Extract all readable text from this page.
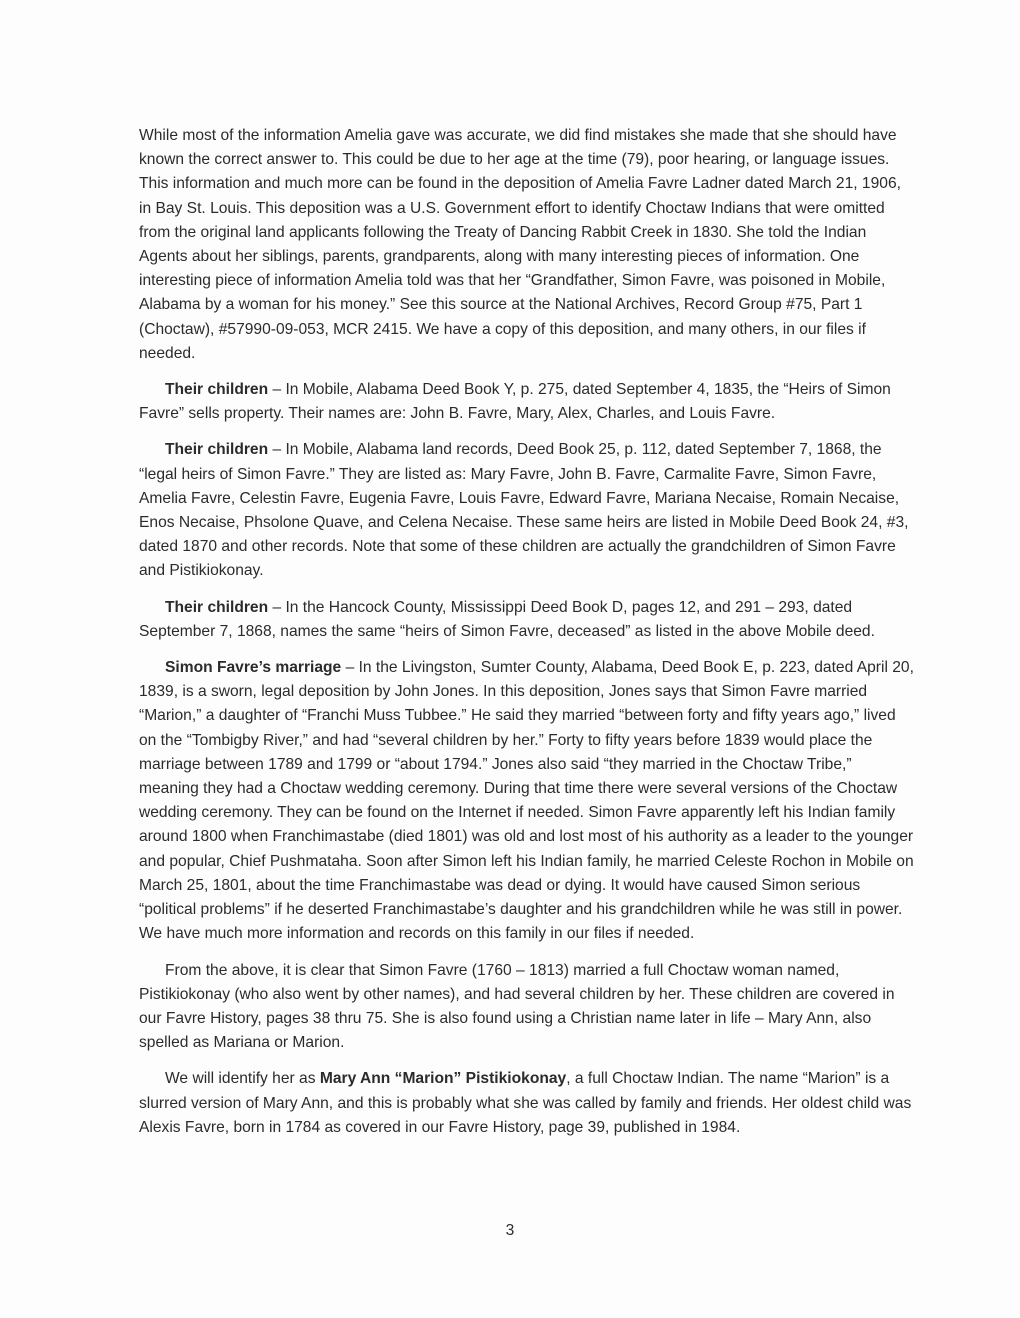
While most of the information Amelia gave was accurate, we did find mistakes she made that she should have known the correct answer to. This could be due to her age at the time (79), poor hearing, or language issues. This information and much more can be found in the deposition of Amelia Favre Ladner dated March 21, 1906, in Bay St. Louis. This deposition was a U.S. Government effort to identify Choctaw Indians that were omitted from the original land applicants following the Treaty of Dancing Rabbit Creek in 1830. She told the Indian Agents about her siblings, parents, grandparents, along with many interesting pieces of information. One interesting piece of information Amelia told was that her “Grandfather, Simon Favre, was poisoned in Mobile, Alabama by a woman for his money.” See this source at the National Archives, Record Group #75, Part 1 (Choctaw), #57990-09-053, MCR 2415. We have a copy of this deposition, and many others, in our files if needed.

Their children – In Mobile, Alabama Deed Book Y, p. 275, dated September 4, 1835, the “Heirs of Simon Favre” sells property. Their names are: John B. Favre, Mary, Alex, Charles, and Louis Favre.

Their children – In Mobile, Alabama land records, Deed Book 25, p. 112, dated September 7, 1868, the “legal heirs of Simon Favre.” They are listed as: Mary Favre, John B. Favre, Carmalite Favre, Simon Favre, Amelia Favre, Celestin Favre, Eugenia Favre, Louis Favre, Edward Favre, Mariana Necaise, Romain Necaise, Enos Necaise, Phsolone Quave, and Celena Necaise. These same heirs are listed in Mobile Deed Book 24, #3, dated 1870 and other records. Note that some of these children are actually the grandchildren of Simon Favre and Pistikiokonay.

Their children – In the Hancock County, Mississippi Deed Book D, pages 12, and 291 – 293, dated September 7, 1868, names the same “heirs of Simon Favre, deceased” as listed in the above Mobile deed.

Simon Favre’s marriage – In the Livingston, Sumter County, Alabama, Deed Book E, p. 223, dated April 20, 1839, is a sworn, legal deposition by John Jones. In this deposition, Jones says that Simon Favre married “Marion,” a daughter of “Franchi Muss Tubbee.” He said they married “between forty and fifty years ago,” lived on the “Tombigby River,” and had “several children by her.” Forty to fifty years before 1839 would place the marriage between 1789 and 1799 or “about 1794.” Jones also said “they married in the Choctaw Tribe,” meaning they had a Choctaw wedding ceremony. During that time there were several versions of the Choctaw wedding ceremony. They can be found on the Internet if needed. Simon Favre apparently left his Indian family around 1800 when Franchimastabe (died 1801) was old and lost most of his authority as a leader to the younger and popular, Chief Pushmataha. Soon after Simon left his Indian family, he married Celeste Rochon in Mobile on March 25, 1801, about the time Franchimastabe was dead or dying. It would have caused Simon serious “political problems” if he deserted Franchimastabe’s daughter and his grandchildren while he was still in power. We have much more information and records on this family in our files if needed.

From the above, it is clear that Simon Favre (1760 – 1813) married a full Choctaw woman named, Pistikiokonay (who also went by other names), and had several children by her. These children are covered in our Favre History, pages 38 thru 75. She is also found using a Christian name later in life – Mary Ann, also spelled as Mariana or Marion.

We will identify her as Mary Ann “Marion” Pistikiokonay, a full Choctaw Indian. The name “Marion” is a slurred version of Mary Ann, and this is probably what she was called by family and friends. Her oldest child was Alexis Favre, born in 1784 as covered in our Favre History, page 39, published in 1984.

3
